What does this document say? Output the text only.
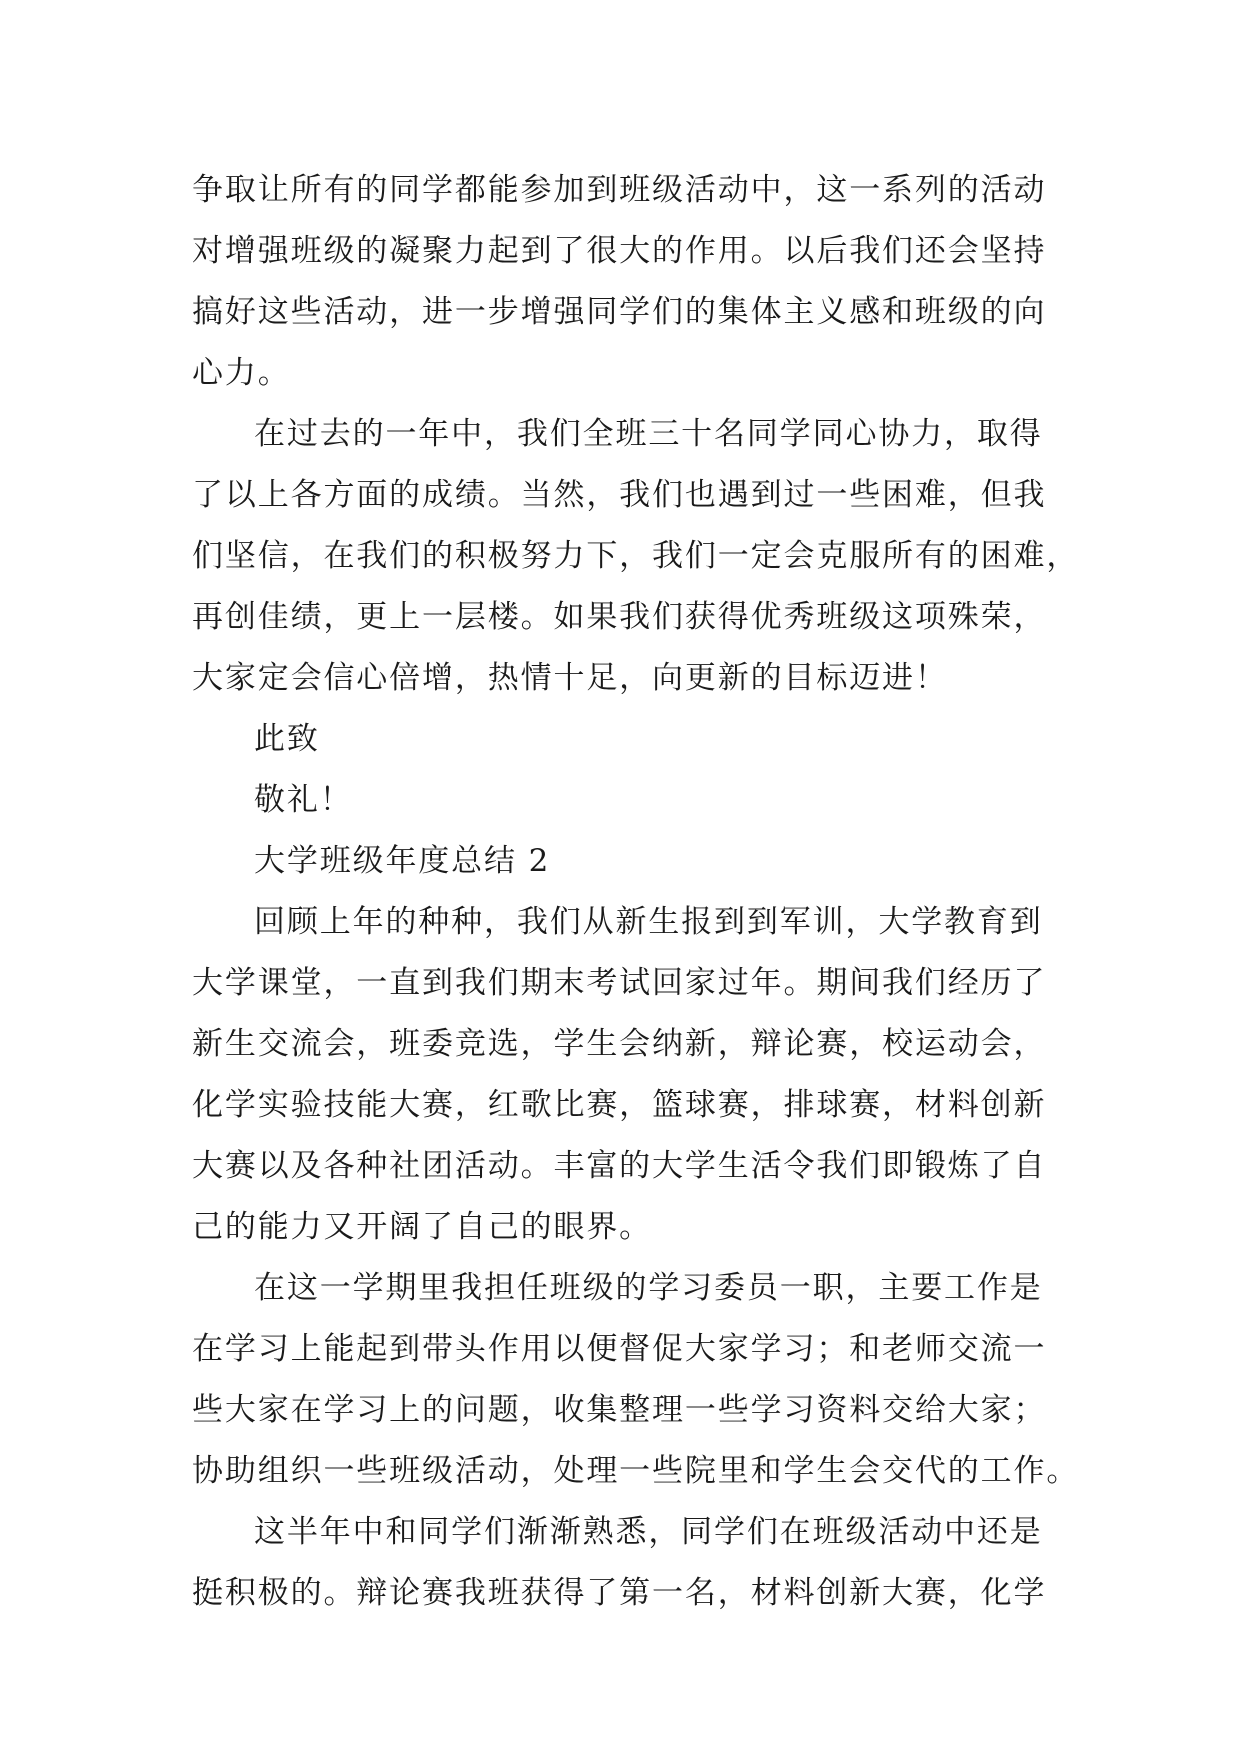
争取让所有的同学都能参加到班级活动中，这一系列的活动

对增强班级的凝聚力起到了很大的作用。以后我们还会坚持

搞好这些活动，进一步增强同学们的集体主义感和班级的向

心力。

在过去的一年中，我们全班三十名同学同心协力，取得

了以上各方面的成绩。当然，我们也遇到过一些困难，但我

们坚信，在我们的积极努力下，我们一定会克服所有的困难，

再创佳绩，更上一层楼。如果我们获得优秀班级这项殊荣，

大家定会信心倍增，热情十足，向更新的目标迈进！

此致

敬礼！

大学班级年度总结 2

回顾上年的种种，我们从新生报到到军训，大学教育到

大学课堂，一直到我们期末考试回家过年。期间我们经历了

新生交流会，班委竞选，学生会纳新，辩论赛，校运动会，

化学实验技能大赛，红歌比赛，篮球赛，排球赛，材料创新

大赛以及各种社团活动。丰富的大学生活令我们即锻炼了自

己的能力又开阔了自己的眼界。

在这一学期里我担任班级的学习委员一职，主要工作是

在学习上能起到带头作用以便督促大家学习；和老师交流一

些大家在学习上的问题，收集整理一些学习资料交给大家；

协助组织一些班级活动，处理一些院里和学生会交代的工作。

这半年中和同学们渐渐熟悉，同学们在班级活动中还是

挺积极的。辩论赛我班获得了第一名，材料创新大赛，化学
